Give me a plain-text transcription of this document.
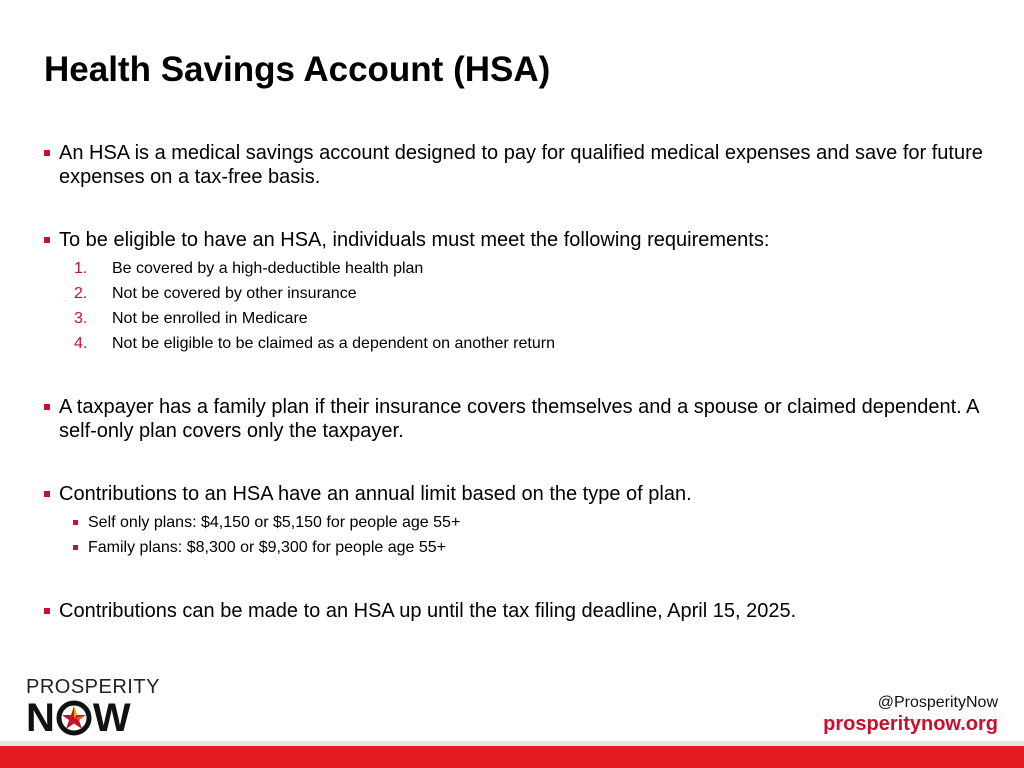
Health Savings Account (HSA)
An HSA is a medical savings account designed to pay for qualified medical expenses and save for future expenses on a tax-free basis.
To be eligible to have an HSA, individuals must meet the following requirements:
1. Be covered by a high-deductible health plan
2. Not be covered by other insurance
3. Not be enrolled in Medicare
4. Not be eligible to be claimed as a dependent on another return
A taxpayer has a family plan if their insurance covers themselves and a spouse or claimed dependent. A self-only plan covers only the taxpayer.
Contributions to an HSA have an annual limit based on the type of plan.
Self only plans: $4,150 or $5,150 for people age 55+
Family plans: $8,300 or $9,300 for people age 55+
Contributions can be made to an HSA up until the tax filing deadline, April 15, 2025.
PROSPERITY
N W	@ProsperityNow
prosperitynow.org
